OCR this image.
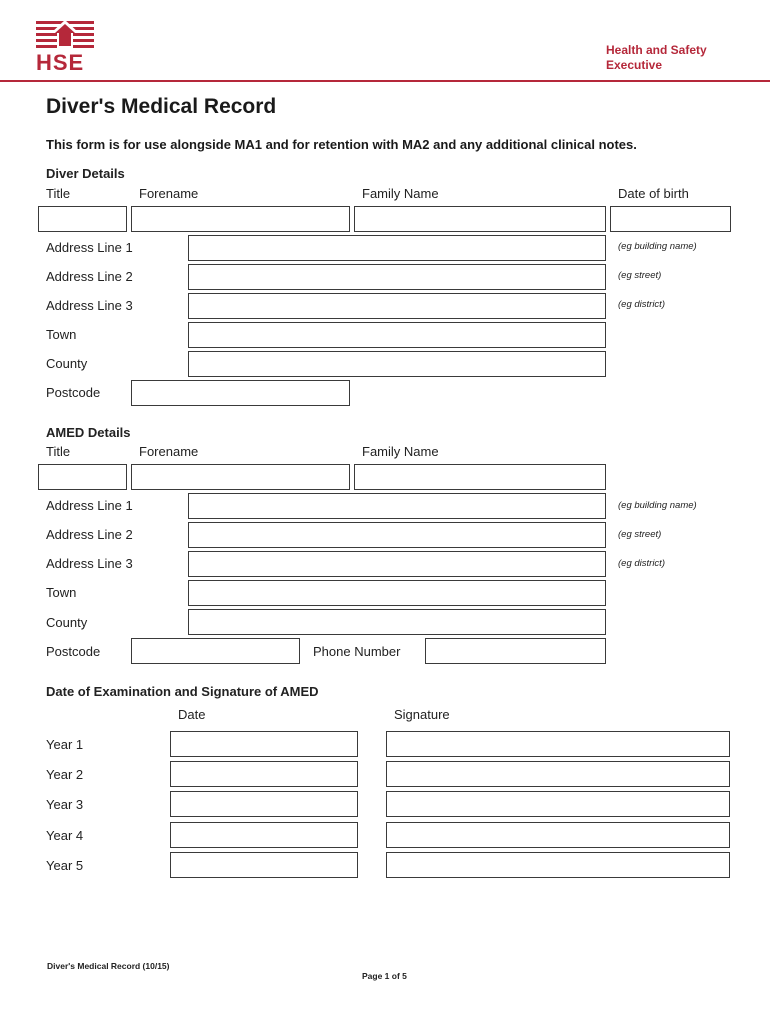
HSE	Health and Safety
Executive
Diver's Medical Record
This form is for use alongside MA1 and for retention with MA2 and any additional clinical notes.
Diver Details
Title	Forename	Family Name	Date of birth
Address Line 1	(eg building name)
Address Line 2	(eg street)
Address Line 3	(eg district)
Town
County
Postcode
AMED Details
Title	Forename	Family Name
Address Line 1	(eg building name)
Address Line 2	(eg street)
Address Line 3	(eg district)
Town
County
Postcode	Phone Number
Date of Examination and Signature of AMED
Date	Signature
Year 1
Year 2
Year 3
Year 4
Year 5
Diver's Medical Record (10/15)
Page 1 of 5
